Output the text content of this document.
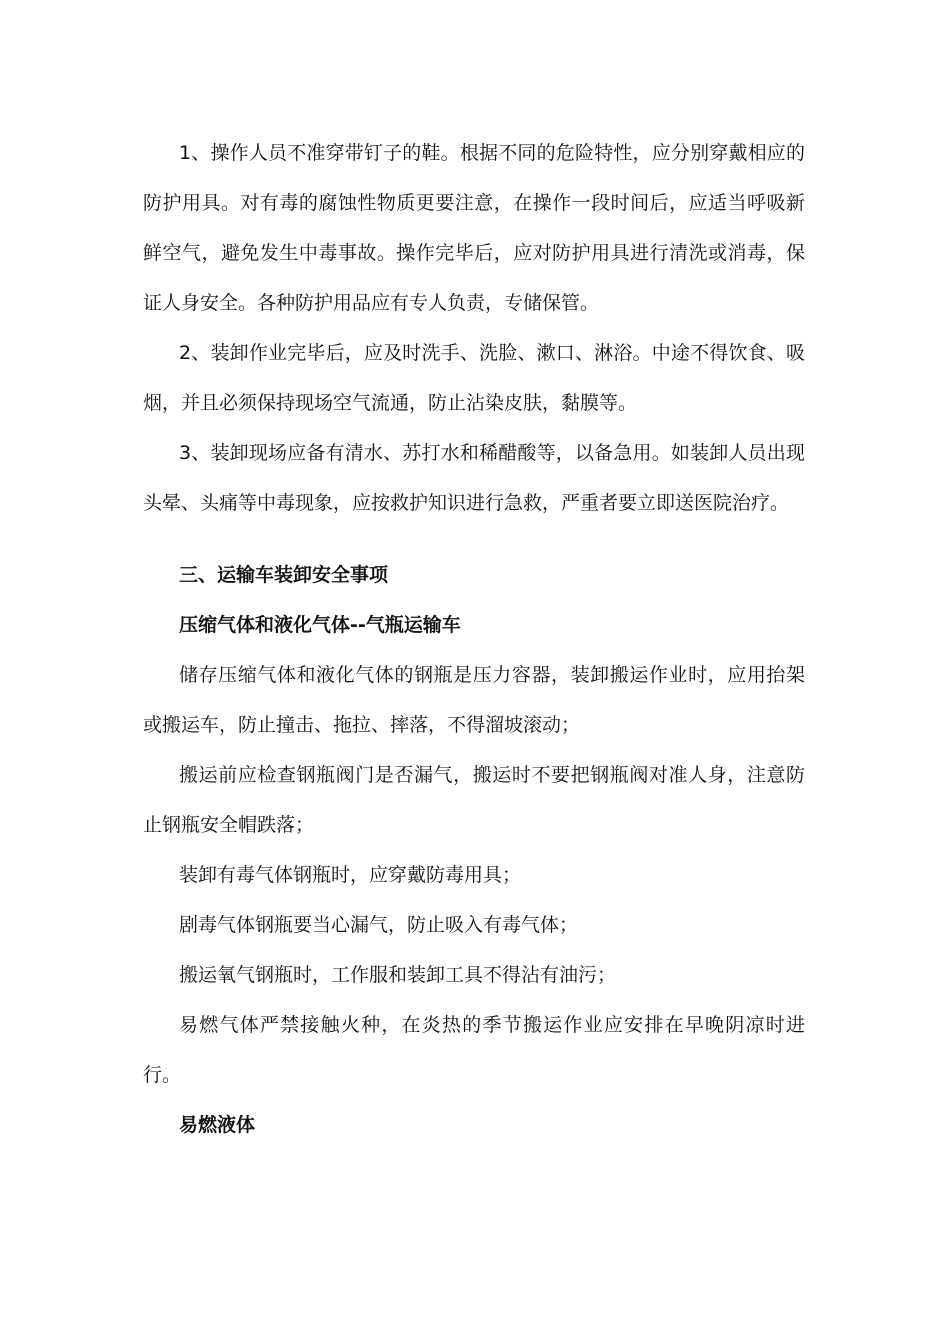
1、操作人员不准穿带钉子的鞋。根据不同的危险特性，应分别穿戴相应的防护用具。对有毒的腐蚀性物质更要注意，在操作一段时间后，应适当呼吸新鲜空气，避免发生中毒事故。操作完毕后，应对防护用具进行清洗或消毒，保证人身安全。各种防护用品应有专人负责，专储保管。

2、装卸作业完毕后，应及时洗手、洗脸、漱口、淋浴。中途不得饮食、吸烟，并且必须保持现场空气流通，防止沾染皮肤，黏膜等。

3、装卸现场应备有清水、苏打水和稀醋酸等，以备急用。如装卸人员出现头晕、头痛等中毒现象，应按救护知识进行急救，严重者要立即送医院治疗。

三、运输车装卸安全事项

压缩气体和液化气体--气瓶运输车

储存压缩气体和液化气体的钢瓶是压力容器，装卸搬运作业时，应用抬架或搬运车，防止撞击、拖拉、摔落，不得溜坡滚动；

搬运前应检查钢瓶阀门是否漏气，搬运时不要把钢瓶阀对准人身，注意防止钢瓶安全帽跌落；

装卸有毒气体钢瓶时，应穿戴防毒用具；

剧毒气体钢瓶要当心漏气，防止吸入有毒气体；

搬运氧气钢瓶时，工作服和装卸工具不得沾有油污；

易燃气体严禁接触火种，在炎热的季节搬运作业应安排在早晚阴凉时进行。

易燃液体
